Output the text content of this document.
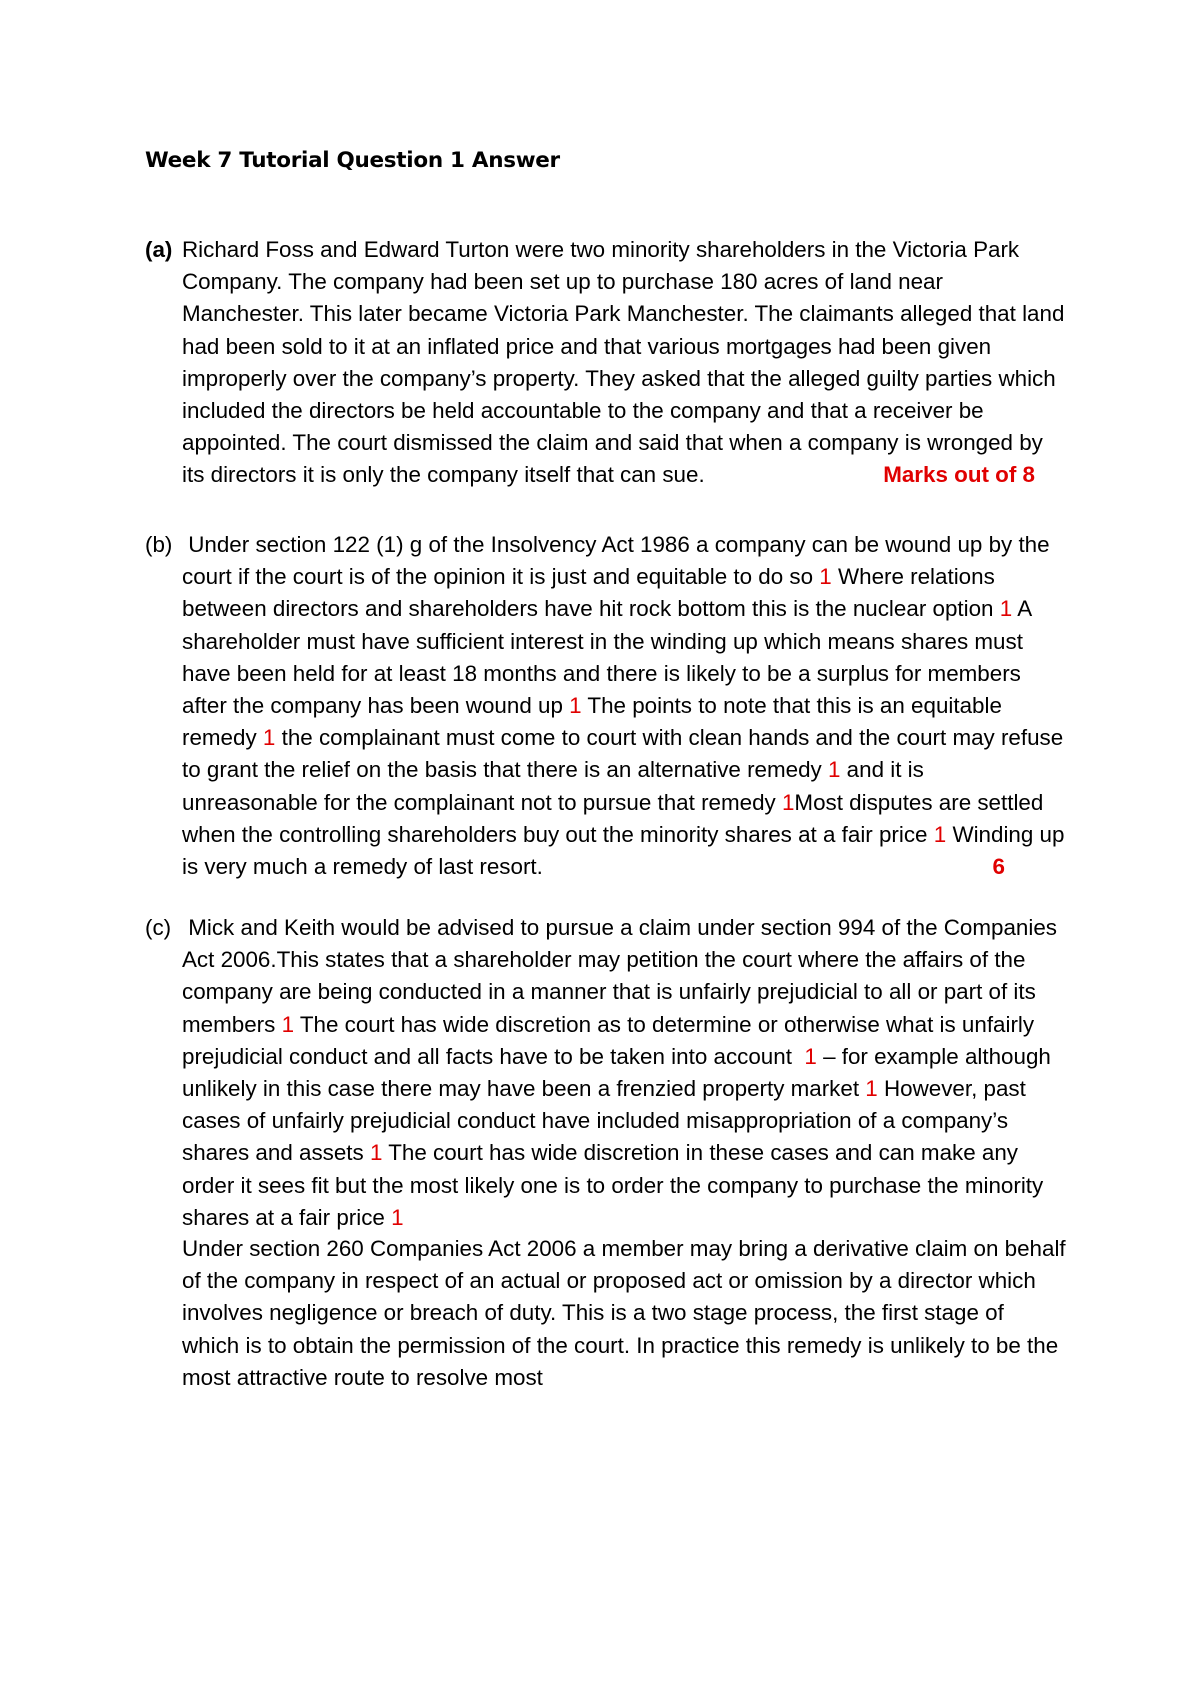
Week 7 Tutorial Question 1 Answer
(a) Richard Foss and Edward Turton were two minority shareholders in the Victoria Park Company. The company had been set up to purchase 180 acres of land near Manchester. This later became Victoria Park Manchester. The claimants alleged that land had been sold to it at an inflated price and that various mortgages had been given improperly over the company’s property. They asked that the alleged guilty parties which included the directors be held accountable to the company and that a receiver be appointed. The court dismissed the claim and said that when a company is wronged by its directors it is only the company itself that can sue.	Marks out of 8
(b) Under section 122 (1) g of the Insolvency Act 1986 a company can be wound up by the court if the court is of the opinion it is just and equitable to do so 1 Where relations between directors and shareholders have hit rock bottom this is the nuclear option 1 A shareholder must have sufficient interest in the winding up which means shares must have been held for at least 18 months and there is likely to be a surplus for members after the company has been wound up 1 The points to note that this is an equitable remedy 1 the complainant must come to court with clean hands and the court may refuse to grant the relief on the basis that there is an alternative remedy 1 and it is unreasonable for the complainant not to pursue that remedy 1Most disputes are settled when the controlling shareholders buy out the minority shares at a fair price 1 Winding up is very much a remedy of last resort.	6
(c) Mick and Keith would be advised to pursue a claim under section 994 of the Companies Act 2006.This states that a shareholder may petition the court where the affairs of the company are being conducted in a manner that is unfairly prejudicial to all or part of its members 1 The court has wide discretion as to determine or otherwise what is unfairly prejudicial conduct and all facts have to be taken into account 1 – for example although unlikely in this case there may have been a frenzied property market 1 However, past cases of unfairly prejudicial conduct have included misappropriation of a company’s shares and assets 1 The court has wide discretion in these cases and can make any order it sees fit but the most likely one is to order the company to purchase the minority shares at a fair price 1
Under section 260 Companies Act 2006 a member may bring a derivative claim on behalf of the company in respect of an actual or proposed act or omission by a director which involves negligence or breach of duty. This is a two stage process, the first stage of which is to obtain the permission of the court. In practice this remedy is unlikely to be the most attractive route to resolve most
